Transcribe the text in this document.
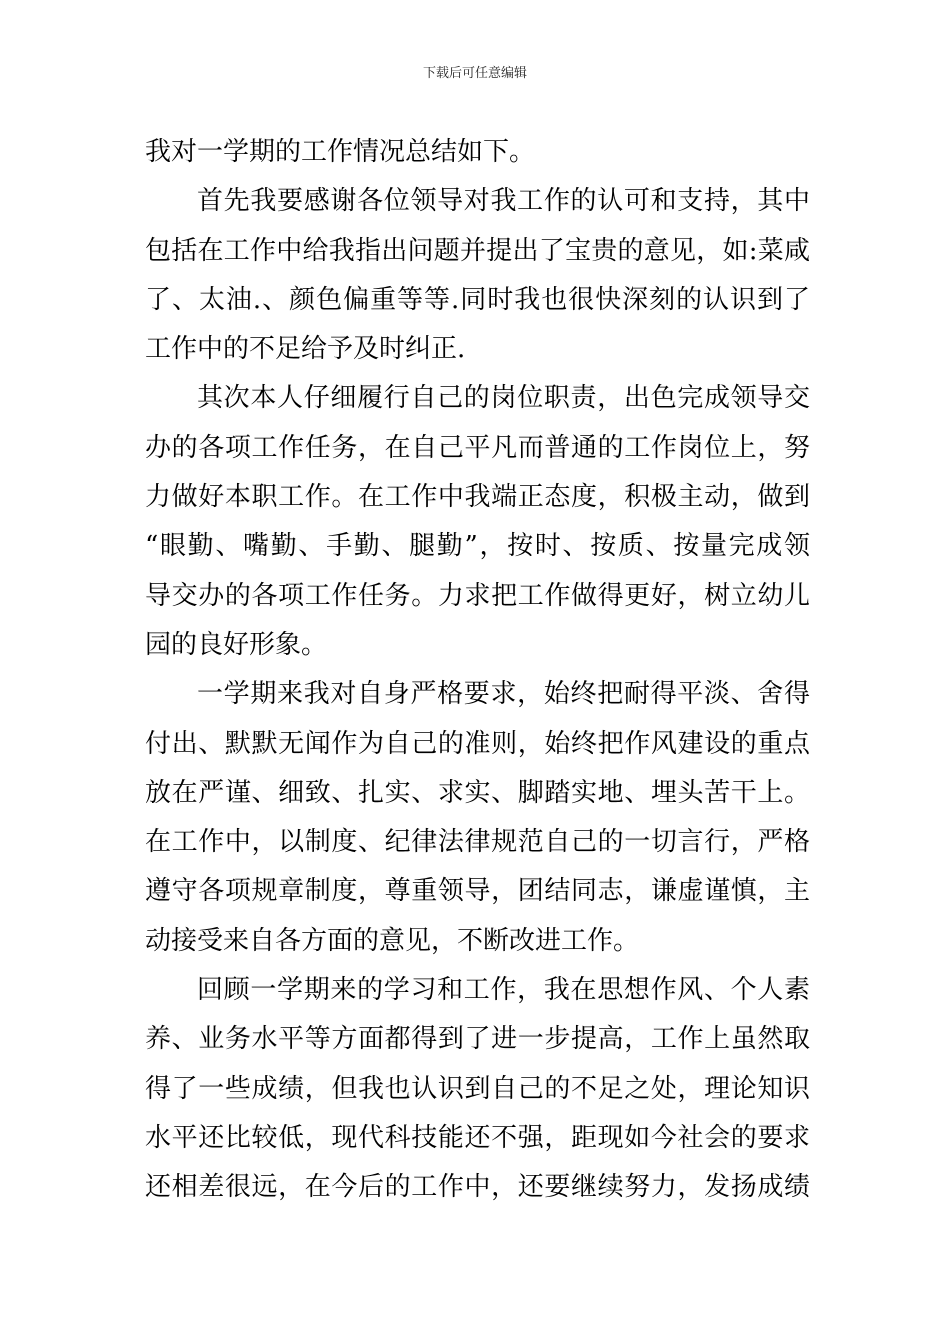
下载后可任意编辑
我对一学期的工作情况总结如下。
首先我要感谢各位领导对我工作的认可和支持，其中
包括在工作中给我指出问题并提出了宝贵的意见，如:菜咸
了、太油.、颜色偏重等等.同时我也很快深刻的认识到了
工作中的不足给予及时纠正.
其次本人仔细履行自己的岗位职责，出色完成领导交
办的各项工作任务，在自己平凡而普通的工作岗位上，努
力做好本职工作。在工作中我端正态度，积极主动，做到
“眼勤、嘴勤、手勤、腿勤”，按时、按质、按量完成领
导交办的各项工作任务。力求把工作做得更好，树立幼儿
园的良好形象。
一学期来我对自身严格要求，始终把耐得平淡、舍得
付出、默默无闻作为自己的准则，始终把作风建设的重点
放在严谨、细致、扎实、求实、脚踏实地、埋头苦干上。
在工作中，以制度、纪律法律规范自己的一切言行，严格
遵守各项规章制度，尊重领导，团结同志，谦虚谨慎，主
动接受来自各方面的意见，不断改进工作。
回顾一学期来的学习和工作，我在思想作风、个人素
养、业务水平等方面都得到了进一步提高，工作上虽然取
得了一些成绩，但我也认识到自己的不足之处，理论知识
水平还比较低，现代科技能还不强，距现如今社会的要求
还相差很远，在今后的工作中，还要继续努力，发扬成绩
